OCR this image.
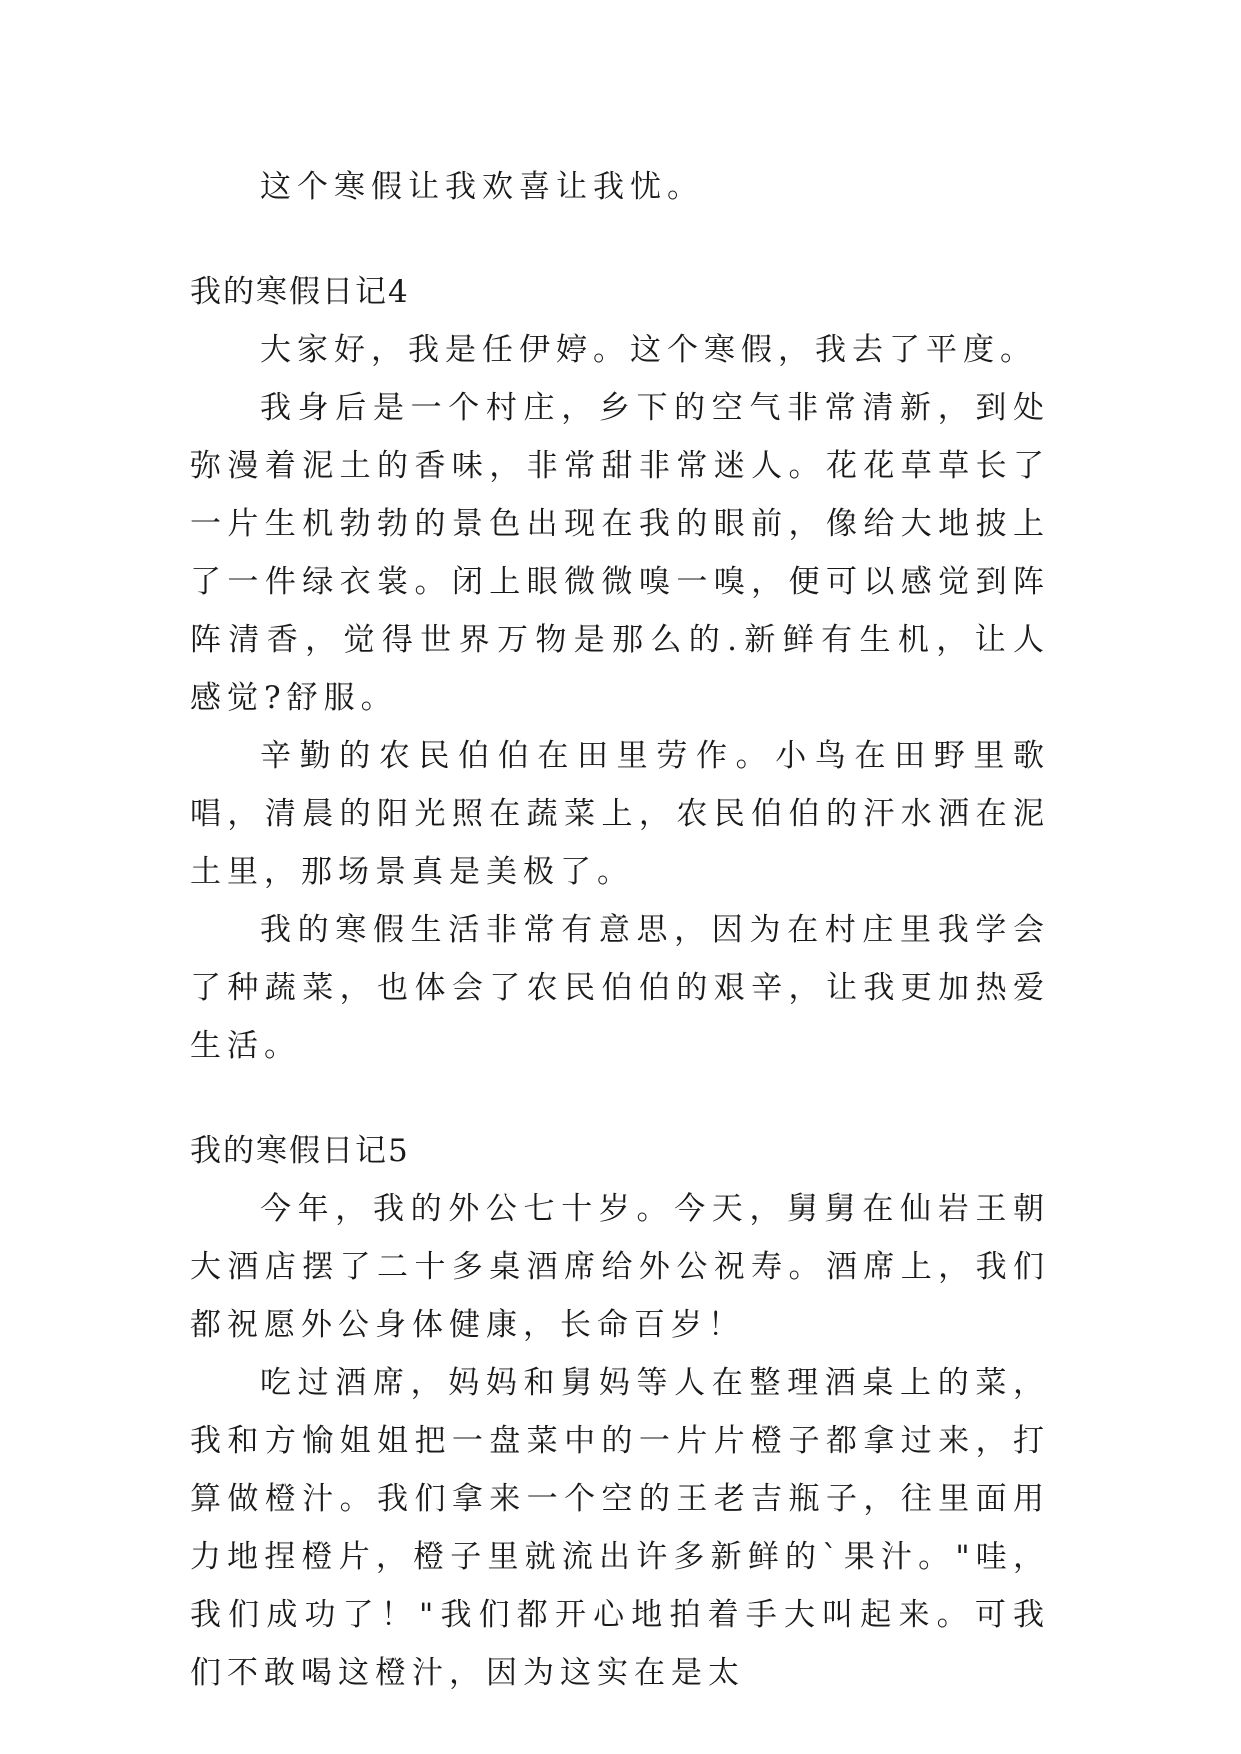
这个寒假让我欢喜让我忧。

我的寒假日记4

大家好，我是任伊婷。这个寒假，我去了平度。

我身后是一个村庄，乡下的空气非常清新，到处弥漫着泥土的香味，非常甜非常迷人。花花草草长了一片生机勃勃的景色出现在我的眼前，像给大地披上了一件绿衣裳。闭上眼微微嗅一嗅，便可以感觉到阵阵清香，觉得世界万物是那么的.新鲜有生机，让人感觉?舒服。

辛勤的农民伯伯在田里劳作。小鸟在田野里歌唱，清晨的阳光照在蔬菜上，农民伯伯的汗水洒在泥土里，那场景真是美极了。

我的寒假生活非常有意思，因为在村庄里我学会了种蔬菜，也体会了农民伯伯的艰辛，让我更加热爱生活。

我的寒假日记5

今年，我的外公七十岁。今天，舅舅在仙岩王朝大酒店摆了二十多桌酒席给外公祝寿。酒席上，我们都祝愿外公身体健康，长命百岁！

吃过酒席，妈妈和舅妈等人在整理酒桌上的菜，我和方愉姐姐把一盘菜中的一片片橙子都拿过来，打算做橙汁。我们拿来一个空的王老吉瓶子，往里面用力地捏橙片，橙子里就流出许多新鲜的`果汁。"哇，我们成功了！"我们都开心地拍着手大叫起来。可我们不敢喝这橙汁，因为这实在是太
